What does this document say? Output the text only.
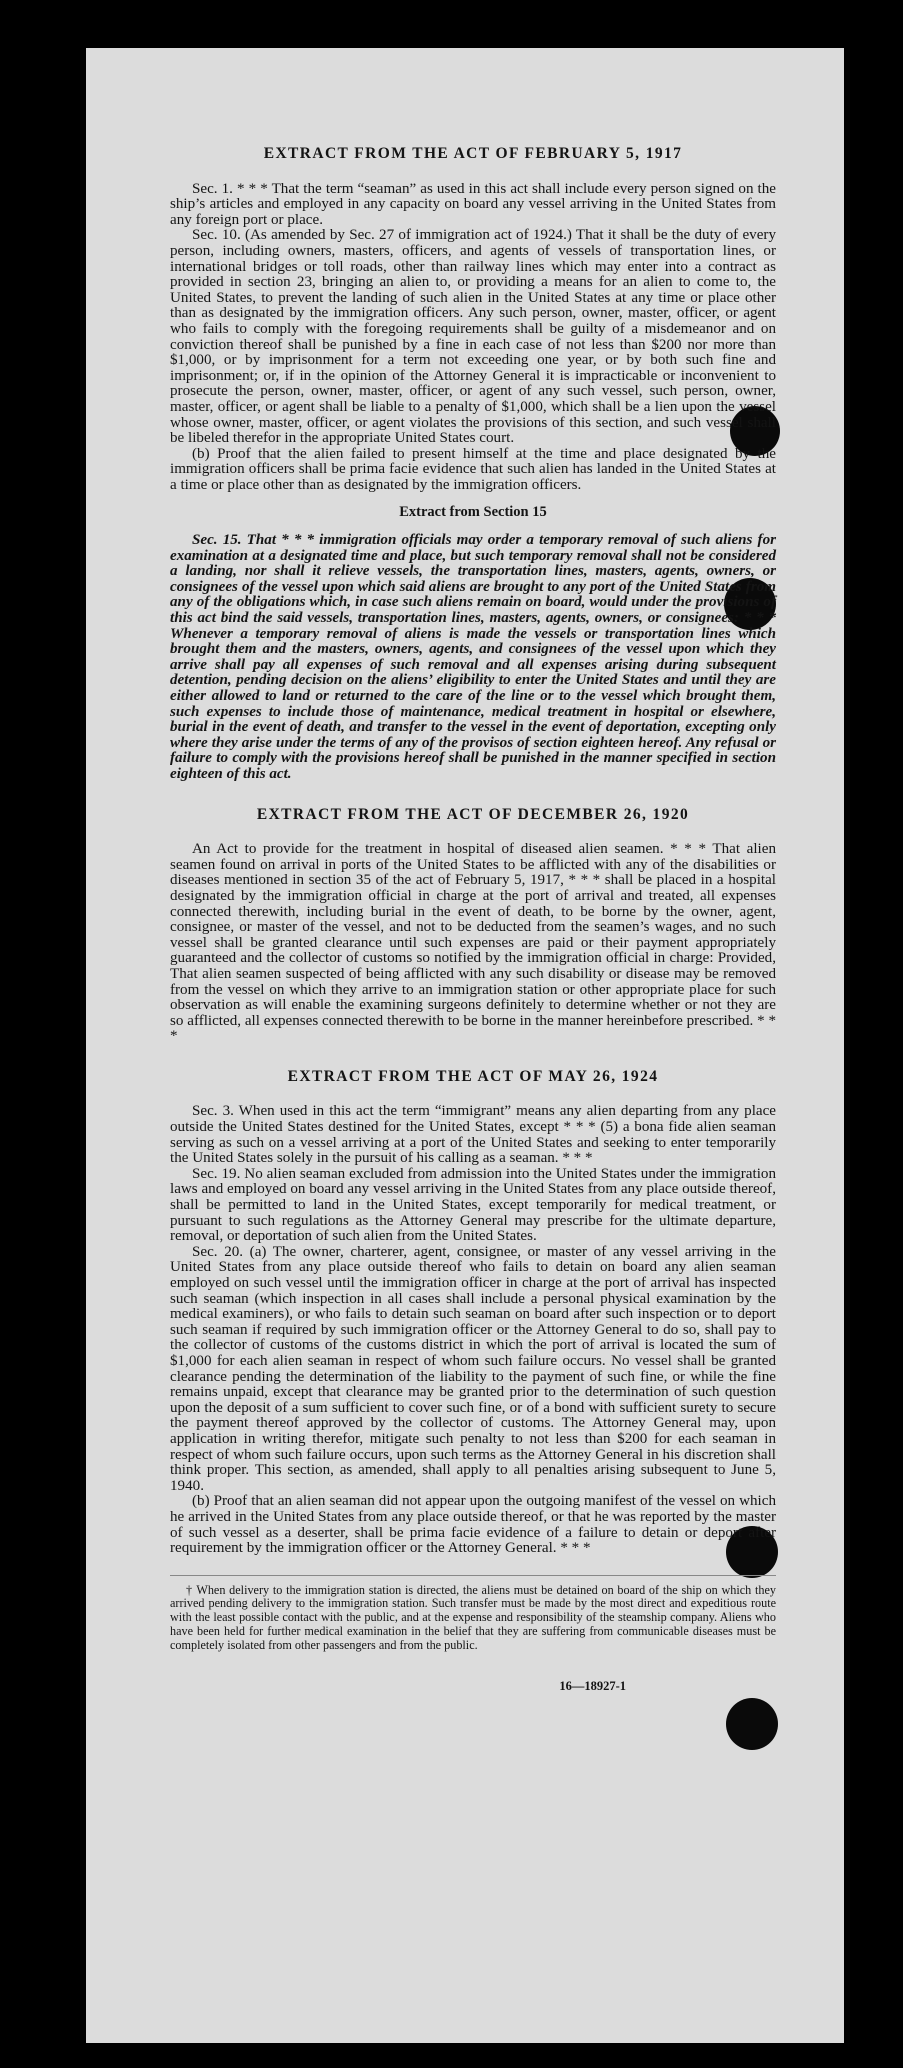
EXTRACT FROM THE ACT OF FEBRUARY 5, 1917

Sec. 1. * * * That the term “seaman” as used in this act shall include every person signed on the ship’s articles and employed in any capacity on board any vessel arriving in the United States from any foreign port or place.

Sec. 10. (As amended by Sec. 27 of immigration act of 1924.) That it shall be the duty of every person, including owners, masters, officers, and agents of vessels of transportation lines, or international bridges or toll roads, other than railway lines which may enter into a contract as provided in section 23, bringing an alien to, or providing a means for an alien to come to, the United States, to prevent the landing of such alien in the United States at any time or place other than as designated by the immigration officers. Any such person, owner, master, officer, or agent who fails to comply with the foregoing requirements shall be guilty of a misdemeanor and on conviction thereof shall be punished by a fine in each case of not less than $200 nor more than $1,000, or by imprisonment for a term not exceeding one year, or by both such fine and imprisonment; or, if in the opinion of the Attorney General it is impracticable or inconvenient to prosecute the person, owner, master, officer, or agent of any such vessel, such person, owner, master, officer, or agent shall be liable to a penalty of $1,000, which shall be a lien upon the vessel whose owner, master, officer, or agent violates the provisions of this section, and such vessel shall be libeled therefor in the appropriate United States court.

(b) Proof that the alien failed to present himself at the time and place designated by the immigration officers shall be prima facie evidence that such alien has landed in the United States at a time or place other than as designated by the immigration officers.

Extract from Section 15

Sec. 15. That * * * immigration officials may order a temporary removal of such aliens for examination at a designated time and place, but such temporary removal shall not be considered a landing, nor shall it relieve vessels, the transportation lines, masters, agents, owners, or consignees of the vessel upon which said aliens are brought to any port of the United States from any of the obligations which, in case such aliens remain on board, would under the provisions of this act bind the said vessels, transportation lines, masters, agents, owners, or consignees: * * * Whenever a temporary removal of aliens is made the vessels or transportation lines which brought them and the masters, owners, agents, and consignees of the vessel upon which they arrive shall pay all expenses of such removal and all expenses arising during subsequent detention, pending decision on the aliens’ eligibility to enter the United States and until they are either allowed to land or returned to the care of the line or to the vessel which brought them, such expenses to include those of maintenance, medical treatment in hospital or elsewhere, burial in the event of death, and transfer to the vessel in the event of deportation, excepting only where they arise under the terms of any of the provisos of section eighteen hereof. Any refusal or failure to comply with the provisions hereof shall be punished in the manner specified in section eighteen of this act.

EXTRACT FROM THE ACT OF DECEMBER 26, 1920

An Act to provide for the treatment in hospital of diseased alien seamen. * * * That alien seamen found on arrival in ports of the United States to be afflicted with any of the disabilities or diseases mentioned in section 35 of the act of February 5, 1917, * * * shall be placed in a hospital designated by the immigration official in charge at the port of arrival and treated, all expenses connected therewith, including burial in the event of death, to be borne by the owner, agent, consignee, or master of the vessel, and not to be deducted from the seamen’s wages, and no such vessel shall be granted clearance until such expenses are paid or their payment appropriately guaranteed and the collector of customs so notified by the immigration official in charge: Provided, That alien seamen suspected of being afflicted with any such disability or disease may be removed from the vessel on which they arrive to an immigration station or other appropriate place for such observation as will enable the examining surgeons definitely to determine whether or not they are so afflicted, all expenses connected therewith to be borne in the manner hereinbefore prescribed. * * *

EXTRACT FROM THE ACT OF MAY 26, 1924

Sec. 3. When used in this act the term “immigrant” means any alien departing from any place outside the United States destined for the United States, except * * * (5) a bona fide alien seaman serving as such on a vessel arriving at a port of the United States and seeking to enter temporarily the United States solely in the pursuit of his calling as a seaman. * * *

Sec. 19. No alien seaman excluded from admission into the United States under the immigration laws and employed on board any vessel arriving in the United States from any place outside thereof, shall be permitted to land in the United States, except temporarily for medical treatment, or pursuant to such regulations as the Attorney General may prescribe for the ultimate departure, removal, or deportation of such alien from the United States.

Sec. 20. (a) The owner, charterer, agent, consignee, or master of any vessel arriving in the United States from any place outside thereof who fails to detain on board any alien seaman employed on such vessel until the immigration officer in charge at the port of arrival has inspected such seaman (which inspection in all cases shall include a personal physical examination by the medical examiners), or who fails to detain such seaman on board after such inspection or to deport such seaman if required by such immigration officer or the Attorney General to do so, shall pay to the collector of customs of the customs district in which the port of arrival is located the sum of $1,000 for each alien seaman in respect of whom such failure occurs. No vessel shall be granted clearance pending the determination of the liability to the payment of such fine, or while the fine remains unpaid, except that clearance may be granted prior to the determination of such question upon the deposit of a sum sufficient to cover such fine, or of a bond with sufficient surety to secure the payment thereof approved by the collector of customs. The Attorney General may, upon application in writing therefor, mitigate such penalty to not less than $200 for each seaman in respect of whom such failure occurs, upon such terms as the Attorney General in his discretion shall think proper. This section, as amended, shall apply to all penalties arising subsequent to June 5, 1940.

(b) Proof that an alien seaman did not appear upon the outgoing manifest of the vessel on which he arrived in the United States from any place outside thereof, or that he was reported by the master of such vessel as a deserter, shall be prima facie evidence of a failure to detain or deport after requirement by the immigration officer or the Attorney General. * * *

† When delivery to the immigration station is directed, the aliens must be detained on board of the ship on which they arrived pending delivery to the immigration station. Such transfer must be made by the most direct and expeditious route with the least possible contact with the public, and at the expense and responsibility of the steamship company. Aliens who have been held for further medical examination in the belief that they are suffering from communicable diseases must be completely isolated from other passengers and from the public.
16—18927-1
